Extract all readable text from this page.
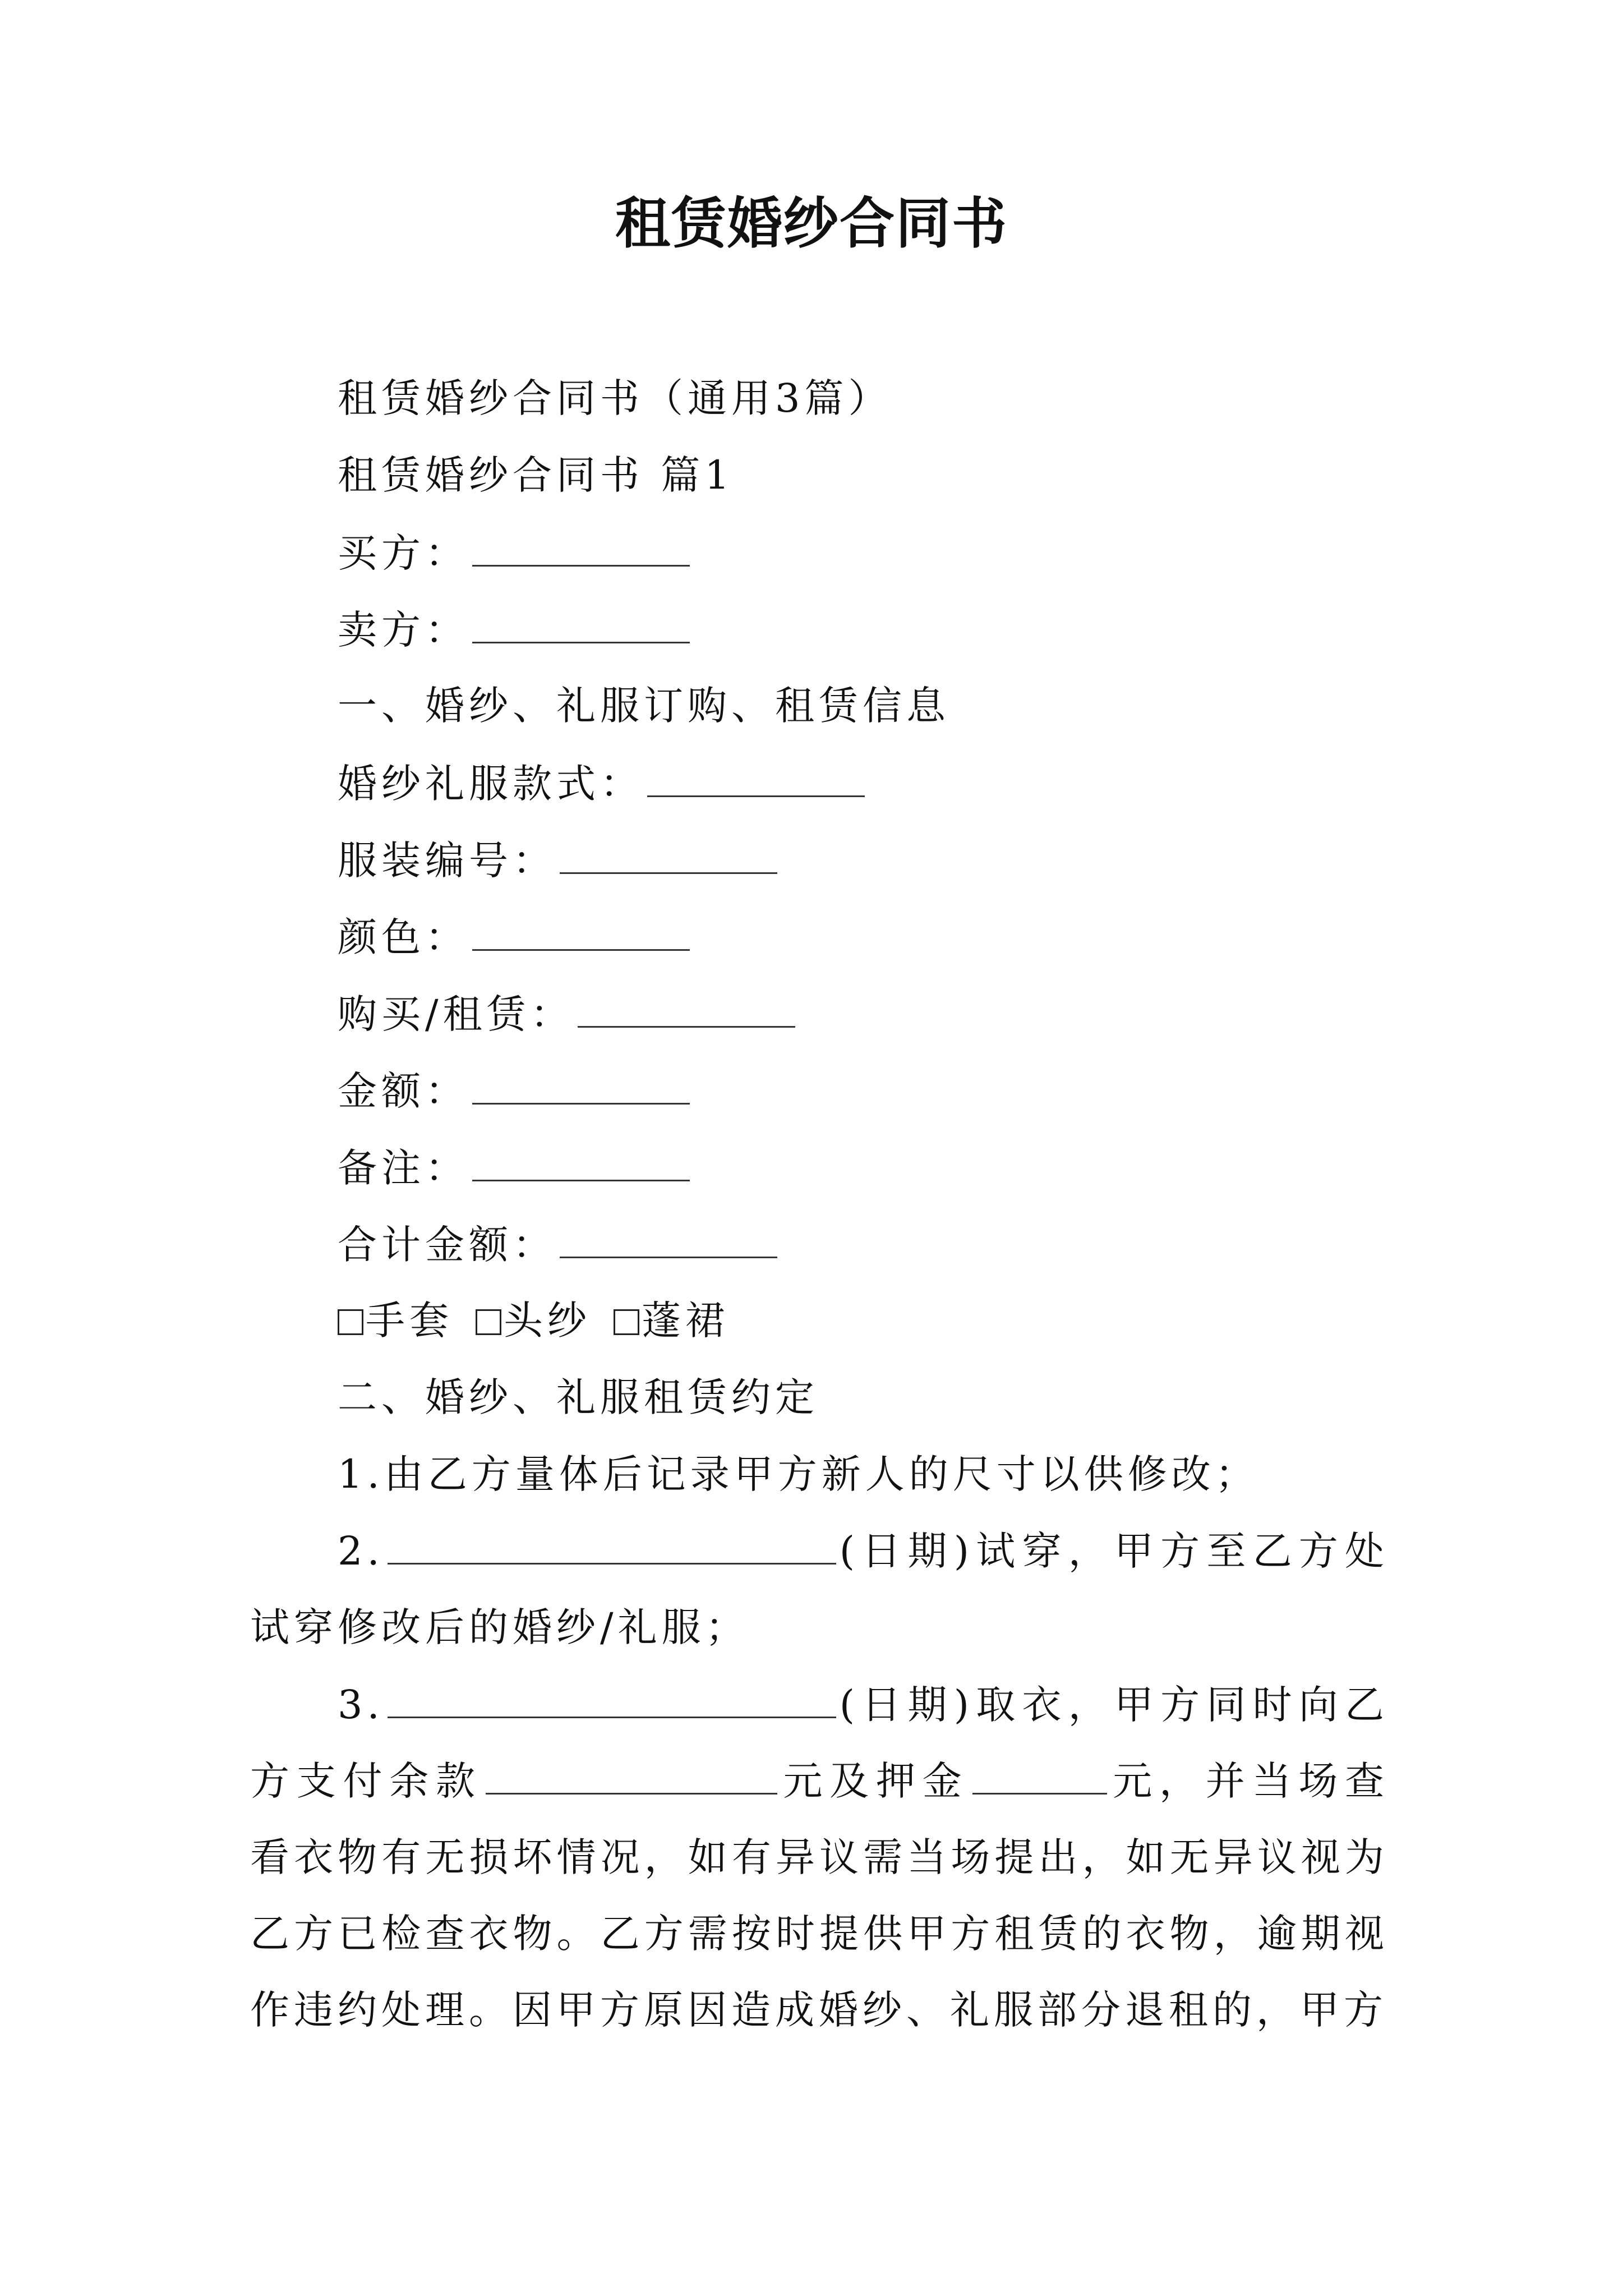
租赁婚纱合同书
租赁婚纱合同书（通用3篇）
租赁婚纱合同书 篇1
买方：
卖方：
一、婚纱、礼服订购、租赁信息
婚纱礼服款式：
服装编号：
颜色：
购买/租赁：
金额：
备注：
合计金额：
手套 头纱 蓬裙
二、婚纱、礼服租赁约定
1.由乙方量体后记录甲方新人的尺寸以供修改；
2.	(日期)试穿，甲方至乙方处试穿修改后的婚纱/礼服；
3.	(日期)取衣，甲方同时向乙方支付余款	元及押金	元，并当场查看衣物有无损坏情况，如有异议需当场提出，如无异议视为乙方已检查衣物。乙方需按时提供甲方租赁的衣物，逾期视作违约处理。因甲方原因造成婚纱、礼服部分退租的，甲方
